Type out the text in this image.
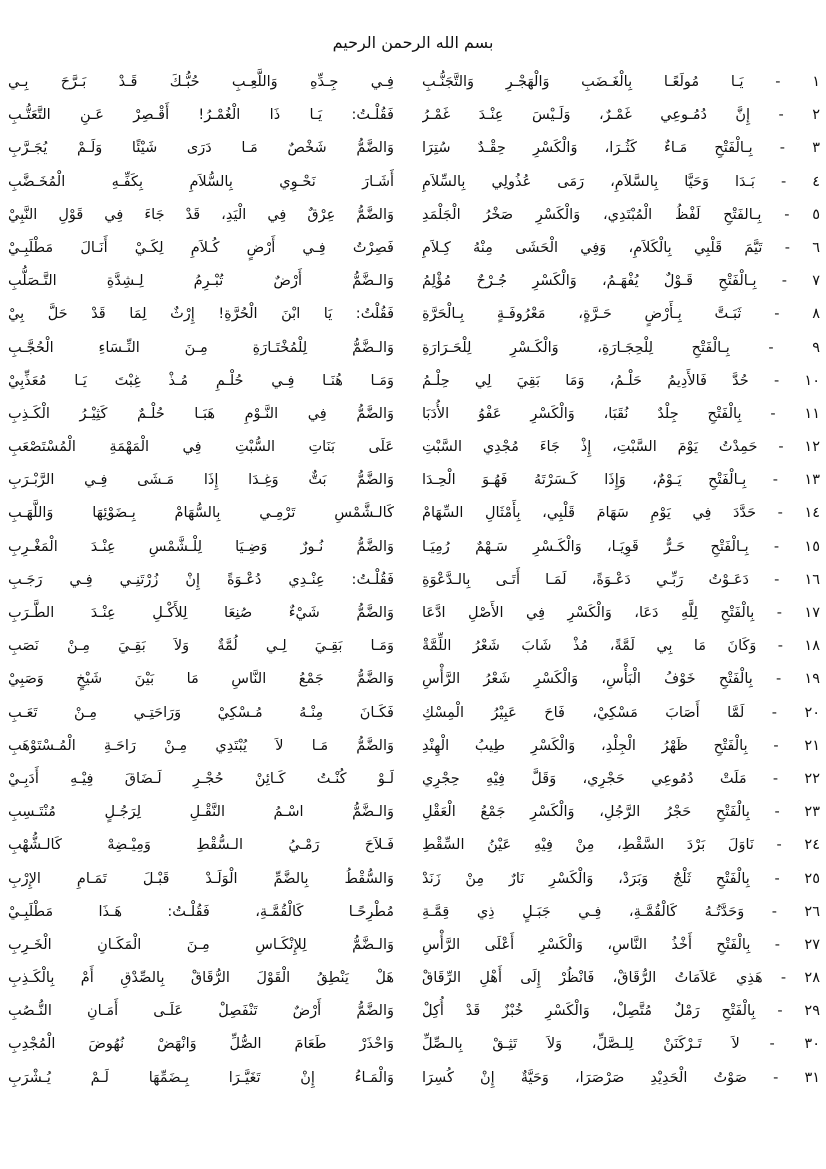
بسم الله الرحمن الرحيم
١ - يَـا مُولَعًـا بِالْغَـضَبِ وَالْهَجْـرِ وَالتَّجَنُّـبِ
فِـي جِـدِّهِ وَاللَّعِـبِ حُبُّـكَ قَـدْ بَـرَّحَ بِـي
٢ - إِنَّ دُمُـوعِي غَمْـرٌ، وَلَـيْسَ عِنْـدَ غَمْـرُ
فَقُلْـتُ: يَـا ذَا الْغُمْـرُ! أَقْـصِرْ عَـنِ التَّعَتُّـبِ
٣ - بِـالْفَتْحِ مَـاءٌ كَثُـرَا، وَالْكَسْرِ حِقْـدٌ سُتِرَا
وَالضَّمُّ شَخْصٌ مَـا دَرَى شَيْئًا وَلَـمْ يُجَـرَّبِ
٤ - بَـدَا وَحَيَّا بِالسَّلاَمِ، رَمَى عُذُولِي بِالسِّلاَمِ
أَشَـارَ نَحْـوِي بِالسُّلاَمِ بِكَفِّـهِ الْمُخَـضَّبِ
٥ - بِـالفَتْحِ لَفْظُ الْمُبْتَدِي، وَالْكَسْرِ صَخْرُ الْجَلْمَدِ
وَالضَّمُّ عِرْقٌ فِي الْيَدِ، قَدْ جَاءَ فِي قَوْلِ النَّبِيْ
٦ - تَيَّمَ قَلْبِي بِالْكَلاَمِ، وَفِي الْحَشَى مِنْهُ كِـلاَمِ
فَصِرْتُ فِـي أَرْضٍ كُـلاَمِ لِكَـيْ أَنَـالَ مَطْلَبِـيْ
٧ - بِـالْفَتْحِ قَـوْلٌ يُفْهَـمُ، وَالْكَسْرِ جُـرْحٌ مُؤْلِمُ
وَالـضَّمُّ أَرْضٌ تُبْـرِمُ لِـشِدَّةِ التَّـصَلُّبِ
٨ - ثَبَـتَّ بِـأَرْضٍ حَـرَّةٍ، مَعْرُوفَـةٍ بِـالْحَرَّةِ
فَقُلْتُ: يَا ابْنَ الْحُرَّةِ! إِرْثٌ لِمَا قَدْ حَلَّ بِيْ
٩ - بِـالْفَتْحِ لِلْحِجَـارَةِ، وَالْكَـسْرِ لِلْحَـرَارَةِ
وَالـضَّمُّ لِلْمُخْتَـارَةِ مِـنَ النِّـسَاءِ الْحُجَّـبِ
١٠ - حُدَّ فَالأَدِيمُ حَلْـمُ، وَمَا بَقِيَ لِي حِلْـمُ
وَمَـا هُنَـا فِـي حُلْـمِ مُـذْ غِبْتَ يَـا مُعَذِّبِيْ
١١ - بِالْفَتْحِ جِلْدٌ نُقَبَا، وَالْكَسْرِ عَفْوُ الأُدَبَا
وَالضَّمُّ فِي النَّـوْمِ هَبَـا حُلْـمٌ كَثِيْـرُ الْكَـذِبِ
١٢ - حَمِدْتُ يَوْمَ السَّبْتِ، إِذْ جَاءَ مُجْدِي السَّبْتِ
عَلَى بَنَاتِ السُّبْتِ فِي الْمَهْمَةِ الْمُسْتَصْعَبِ
١٣ - بِـالْفَتْحِ يَـوْمٌ، وَإِذَا كَـسَرْتَهُ فَهُـوَ الْحِـدَا
وَالضَّمُّ بَتٌّ وَغِـدَا إِذَا مَـشَى فِـي الرَّبْـرَبِ
١٤ - حَدَّدَ فِي يَوْمِ سَهَامَ قَلْبِي، بِأَمْثَالِ السِّهَامْ
كَالـشَّمْسِ تَرْمِـي بِالسُّهَامْ بِـضَوْئِهَا وَاللَّهَـبِ
١٥ - بِـالْفَتْحِ حَـرٌّ قَوِيَـا، وَالْكَـسْرِ سَـهْمٌ رُمِيَـا
وَالضَّمُّ نُـورٌ وَضِـيَا لِلْـشَّمْسِ عِنْـدَ الْمَغْـرِبِ
١٦ - دَعَـوْتُ رَبِّـي دَعْـوَةً، لَمَـا أَتَـى بِالـدَّعْوَةِ
فَقُلْـتُ: عِنْـدِي دُعْـوَةً إِنْ زُرْتَنِـي فِـي رَجَـبِ
١٧ - بِالْفَتْحِ لِلَّهِ دَعَا، وَالْكَسْرِ فِي الأَصْلِ ادَّعَا
وَالضَّمُّ شَيْءٌ صُنِعَا لِلأَكْـلِ عِنْـدَ الطَّـرَبِ
١٨ - وَكَانَ مَا بِي لَمَّةً، مُذْ شَابَ شَعْرُ اللِّمَّةْ
وَمَـا بَقِـيَ لِـي لُمَّةٌ وَلاَ بَقِـيَ مِـنْ نَصَبِ
١٩ - بِالْفَتْحِ خَوْفُ الْبَأْسِ، وَالْكَسْرِ شَعْرُ الرَّأْسِ
وَالضَّمُّ جَمْعُ النَّاسِ مَا بَيْنَ شَيْخٍ وَصَبِيْ
٢٠ - لَمَّا أَصَابَ مَسْكِيْ، فَاحَ عَبِيْرُ الْمِسْكِ
فَكَـانَ مِنْـهُ مُـسْكِيْ وَرَاحَتِـي مِـنْ تَعَـبِ
٢١ - بِالْفَتْحِ ظَهْرُ الْجِلْدِ، وَالْكَسْرِ طِيبُ الْهِنْدِ
وَالضَّمُّ مَـا لاَ يُبْتَدِي مِـنْ رَاحَـةِ الْمُـسْتَوْهَبِ
٢٢ - مَلَتْ دُمُوعِي حَجْرِي، وَقَلَّ فِيْهِ حِجْرِي
لَـوْ كُنْـتُ كَـائِنْ حُجْـرِ لَـضَاقَ فِيْـهِ أَدَبِـيْ
٢٣ - بِالْفَتْحِ حَجْرُ الرَّجُلِ، وَالْكَسْرِ جَمْعُ الْعَقْلِ
وَالـضَّمُّ اسْـمُ النَّقْـلِ لِرَجُـلٍ مُنْتَـسِبِ
٢٤ - نَاوَلَ بَرْدَ السَّقْطِ، مِنْ فِيْهِ عَيْنُ السِّقْطِ
فَـلاَحَ رَمْـيُ الـسُّقْطِ وَمِيْـضِهْ كَالـشُّهْبِ
٢٥ - بِالْفَتْحِ ثَلْجٌ وَبَرَدْ، وَالْكَسْرِ نَارٌ مِنْ زَنَدْ
وَالسُّقْطُ بِالضَّمِّ الْوَلَـدْ قَبْـلَ تَمَـامِ الإِرْبِ
٢٦ - وَحَدَّتُـهُ كَالْقُمَّـةِ، فِـي جَبَـلٍ ذِي قِمَّـةِ
مُطْرِحًـا كَالْقُمَّـةِ، فَقُلْـتُ: هَـذَا مَطْلَبِـيْ
٢٧ - بِالْفَتْحِ أَخْذُ النَّاسِ، وَالْكَسْرِ أَعْلَى الرَّأْسِ
وَالـضَّمُّ لِلإِنْكَـاسِ مِـنَ الْمَكَـانِ الْخَـرِبِ
٢٨ - هَذِي عَلاَمَاتُ الرُّقَاقْ، فَانْظُرْ إِلَى أَهْلِ الرِّقَاقْ
هَلْ يَنْطِقُ الْقَوْلَ الرُّقَاقْ بِالصِّدْقِ أَمْ بِالْكَـذِبِ
٢٩ - بِالْفَتْحِ رَمْلٌ مُتَّصِلْ، وَالْكَسْرِ خُبْزٌ قَدْ أُكِلْ
وَالضَّمُّ أَرْضٌ تَنْفَصِلْ عَلَـى أَمَـانِ النُّـصُبِ
٣٠ - لاَ تَـرْكَنَنْ لِلـصَّلِّ، وَلاَ تَثِـقْ بِالـصِّلِّ
وَاحْذَرْ طَعَامَ الصُّلِّ وَانْهَضْ نُهُوضَ الْمُجْدِبِ
٣١ - صَوْتُ الْحَدِيْدِ صَرْصَرَا، وَحَيَّةٌ إِنْ كُسِرَا
وَالْمَـاءُ إِنْ تَغَيَّـرَا بِـضَمِّهَا لَـمْ يُـشْرَبِ
